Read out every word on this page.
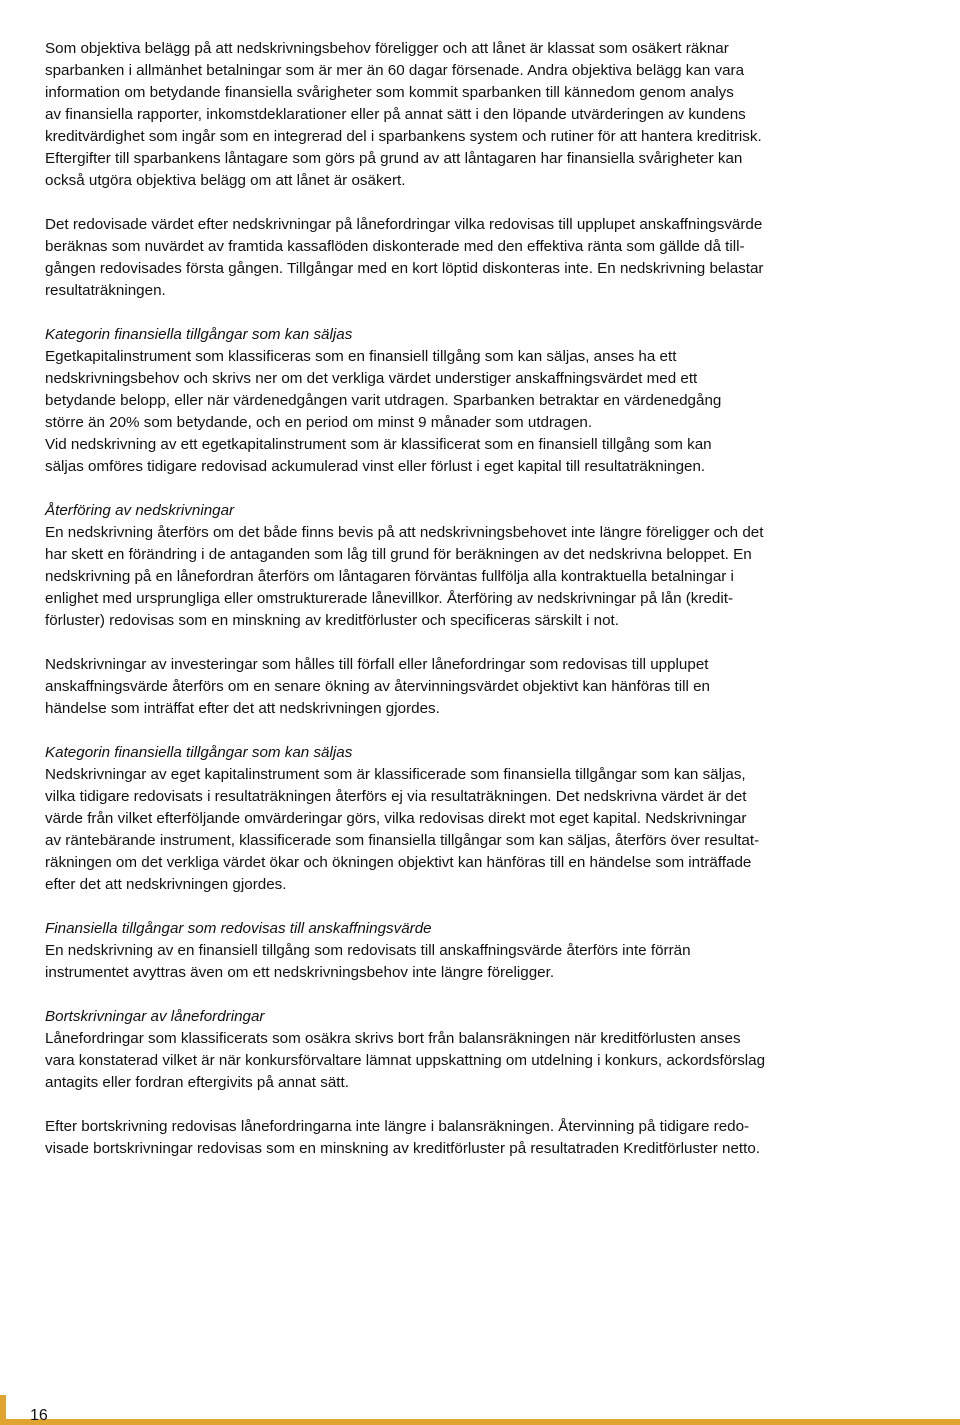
Som objektiva belägg på att nedskrivningsbehov föreligger och att lånet är klassat som osäkert räknar
sparbanken i allmänhet betalningar som är mer än 60 dagar försenade. Andra objektiva belägg kan vara
information om betydande finansiella svårigheter som kommit sparbanken till kännedom genom analys
av finansiella rapporter, inkomstdeklarationer eller på annat sätt i den löpande utvärderingen av kundens
kreditvärdighet som ingår som en integrerad del i sparbankens system och rutiner för att hantera kreditrisk.
Eftergifter till sparbankens låntagare som görs på grund av att låntagaren har finansiella svårigheter kan
också utgöra objektiva belägg om att lånet är osäkert.
Det redovisade värdet efter nedskrivningar på lånefordringar vilka redovisas till upplupet anskaffningsvärde
beräknas som nuvärdet av framtida kassaflöden diskonterade med den effektiva ränta som gällde då till-
gången redovisades första gången. Tillgångar med en kort löptid diskonteras inte. En nedskrivning belastar
resultaträkningen.
Kategorin finansiella tillgångar som kan säljas
Egetkapitalinstrument som klassificeras som en finansiell tillgång som kan säljas, anses ha ett
nedskrivningsbehov och skrivs ner om det verkliga värdet understiger anskaffningsvärdet med ett
betydande belopp, eller när värdenedgången varit utdragen. Sparbanken betraktar en värdenedgång
större än 20% som betydande, och en period om minst 9 månader som utdragen.
Vid nedskrivning av ett egetkapitalinstrument som är klassificerat som en finansiell tillgång som kan
säljas omföres tidigare redovisad ackumulerad vinst eller förlust i eget kapital till resultaträkningen.
Återföring av nedskrivningar
En nedskrivning återförs om det både finns bevis på att nedskrivningsbehovet inte längre föreligger och det
har skett en förändring i de antaganden som låg till grund för beräkningen av det nedskrivna beloppet. En
nedskrivning på en lånefordran återförs om låntagaren förväntas fullfölja alla kontraktuella betalningar i
enlighet med ursprungliga eller omstrukturerade lånevillkor. Återföring av nedskrivningar på lån (kredit-
förluster) redovisas som en minskning av kreditförluster och specificeras särskilt i not.
Nedskrivningar av investeringar som hålles till förfall eller lånefordringar som redovisas till upplupet
anskaffningsvärde återförs om en senare ökning av återvinningsvärdet objektivt kan hänföras till en
händelse som inträffat efter det att nedskrivningen gjordes.
Kategorin finansiella tillgångar som kan säljas
Nedskrivningar av eget kapitalinstrument som är klassificerade som finansiella tillgångar som kan säljas,
vilka tidigare redovisats i resultaträkningen återförs ej via resultaträkningen. Det nedskrivna värdet är det
värde från vilket efterföljande omvärderingar görs, vilka redovisas direkt mot eget kapital. Nedskrivningar
av räntebärande instrument, klassificerade som finansiella tillgångar som kan säljas, återförs över resultat-
räkningen om det verkliga värdet ökar och ökningen objektivt kan hänföras till en händelse som inträffade
efter det att nedskrivningen gjordes.
Finansiella tillgångar som redovisas till anskaffningsvärde
En nedskrivning av en finansiell tillgång som redovisats till anskaffningsvärde återförs inte förrän
instrumentet avyttras även om ett nedskrivningsbehov inte längre föreligger.
Bortskrivningar av lånefordringar
Lånefordringar som klassificerats som osäkra skrivs bort från balansräkningen när kreditförlusten anses
vara konstaterad vilket är när konkursförvaltare lämnat uppskattning om utdelning i konkurs, ackordsförslag
antagits eller fordran eftergivits på annat sätt.
Efter bortskrivning redovisas lånefordringarna inte längre i balansräkningen. Återvinning på tidigare redo-
visade bortskrivningar redovisas som en minskning av kreditförluster på resultatraden Kreditförluster netto.
16
